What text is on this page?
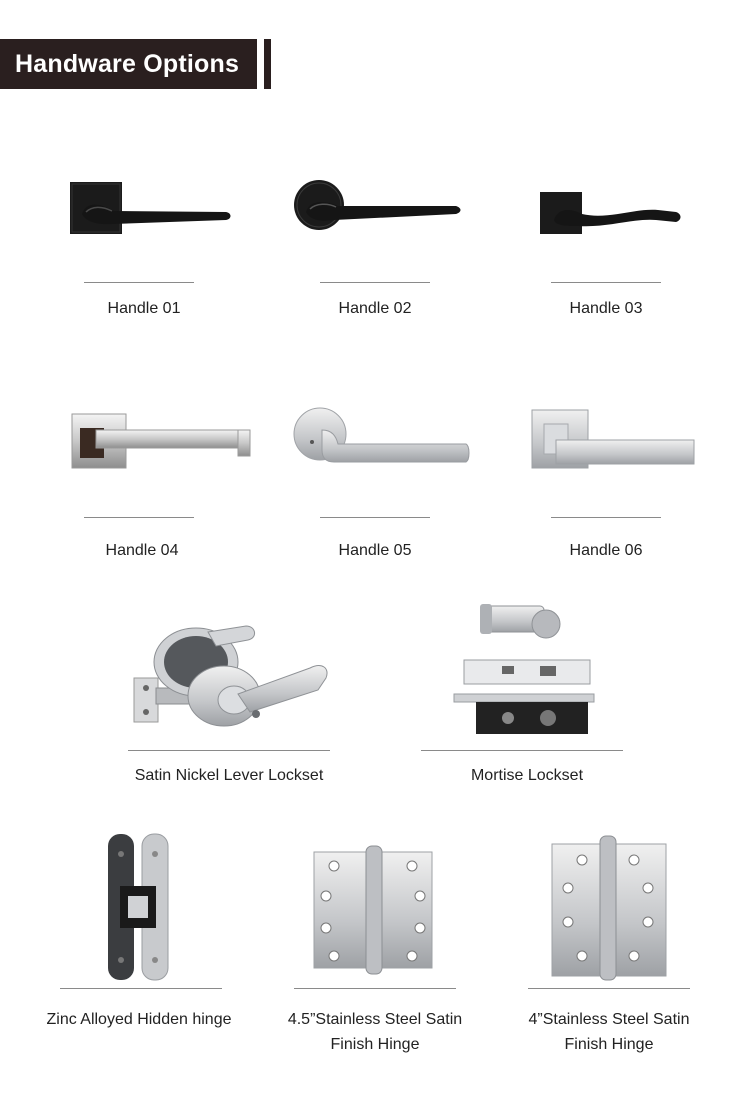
Handware Options
Handle 01	Handle 02	Handle 03
Handle 04	Handle 05	Handle 06
Satin Nickel Lever Lockset	Mortise Lockset
Zinc Alloyed Hidden hinge	4.5”Stainless Steel Satin
Finish Hinge
4”Stainless Steel Satin
Finish Hinge
